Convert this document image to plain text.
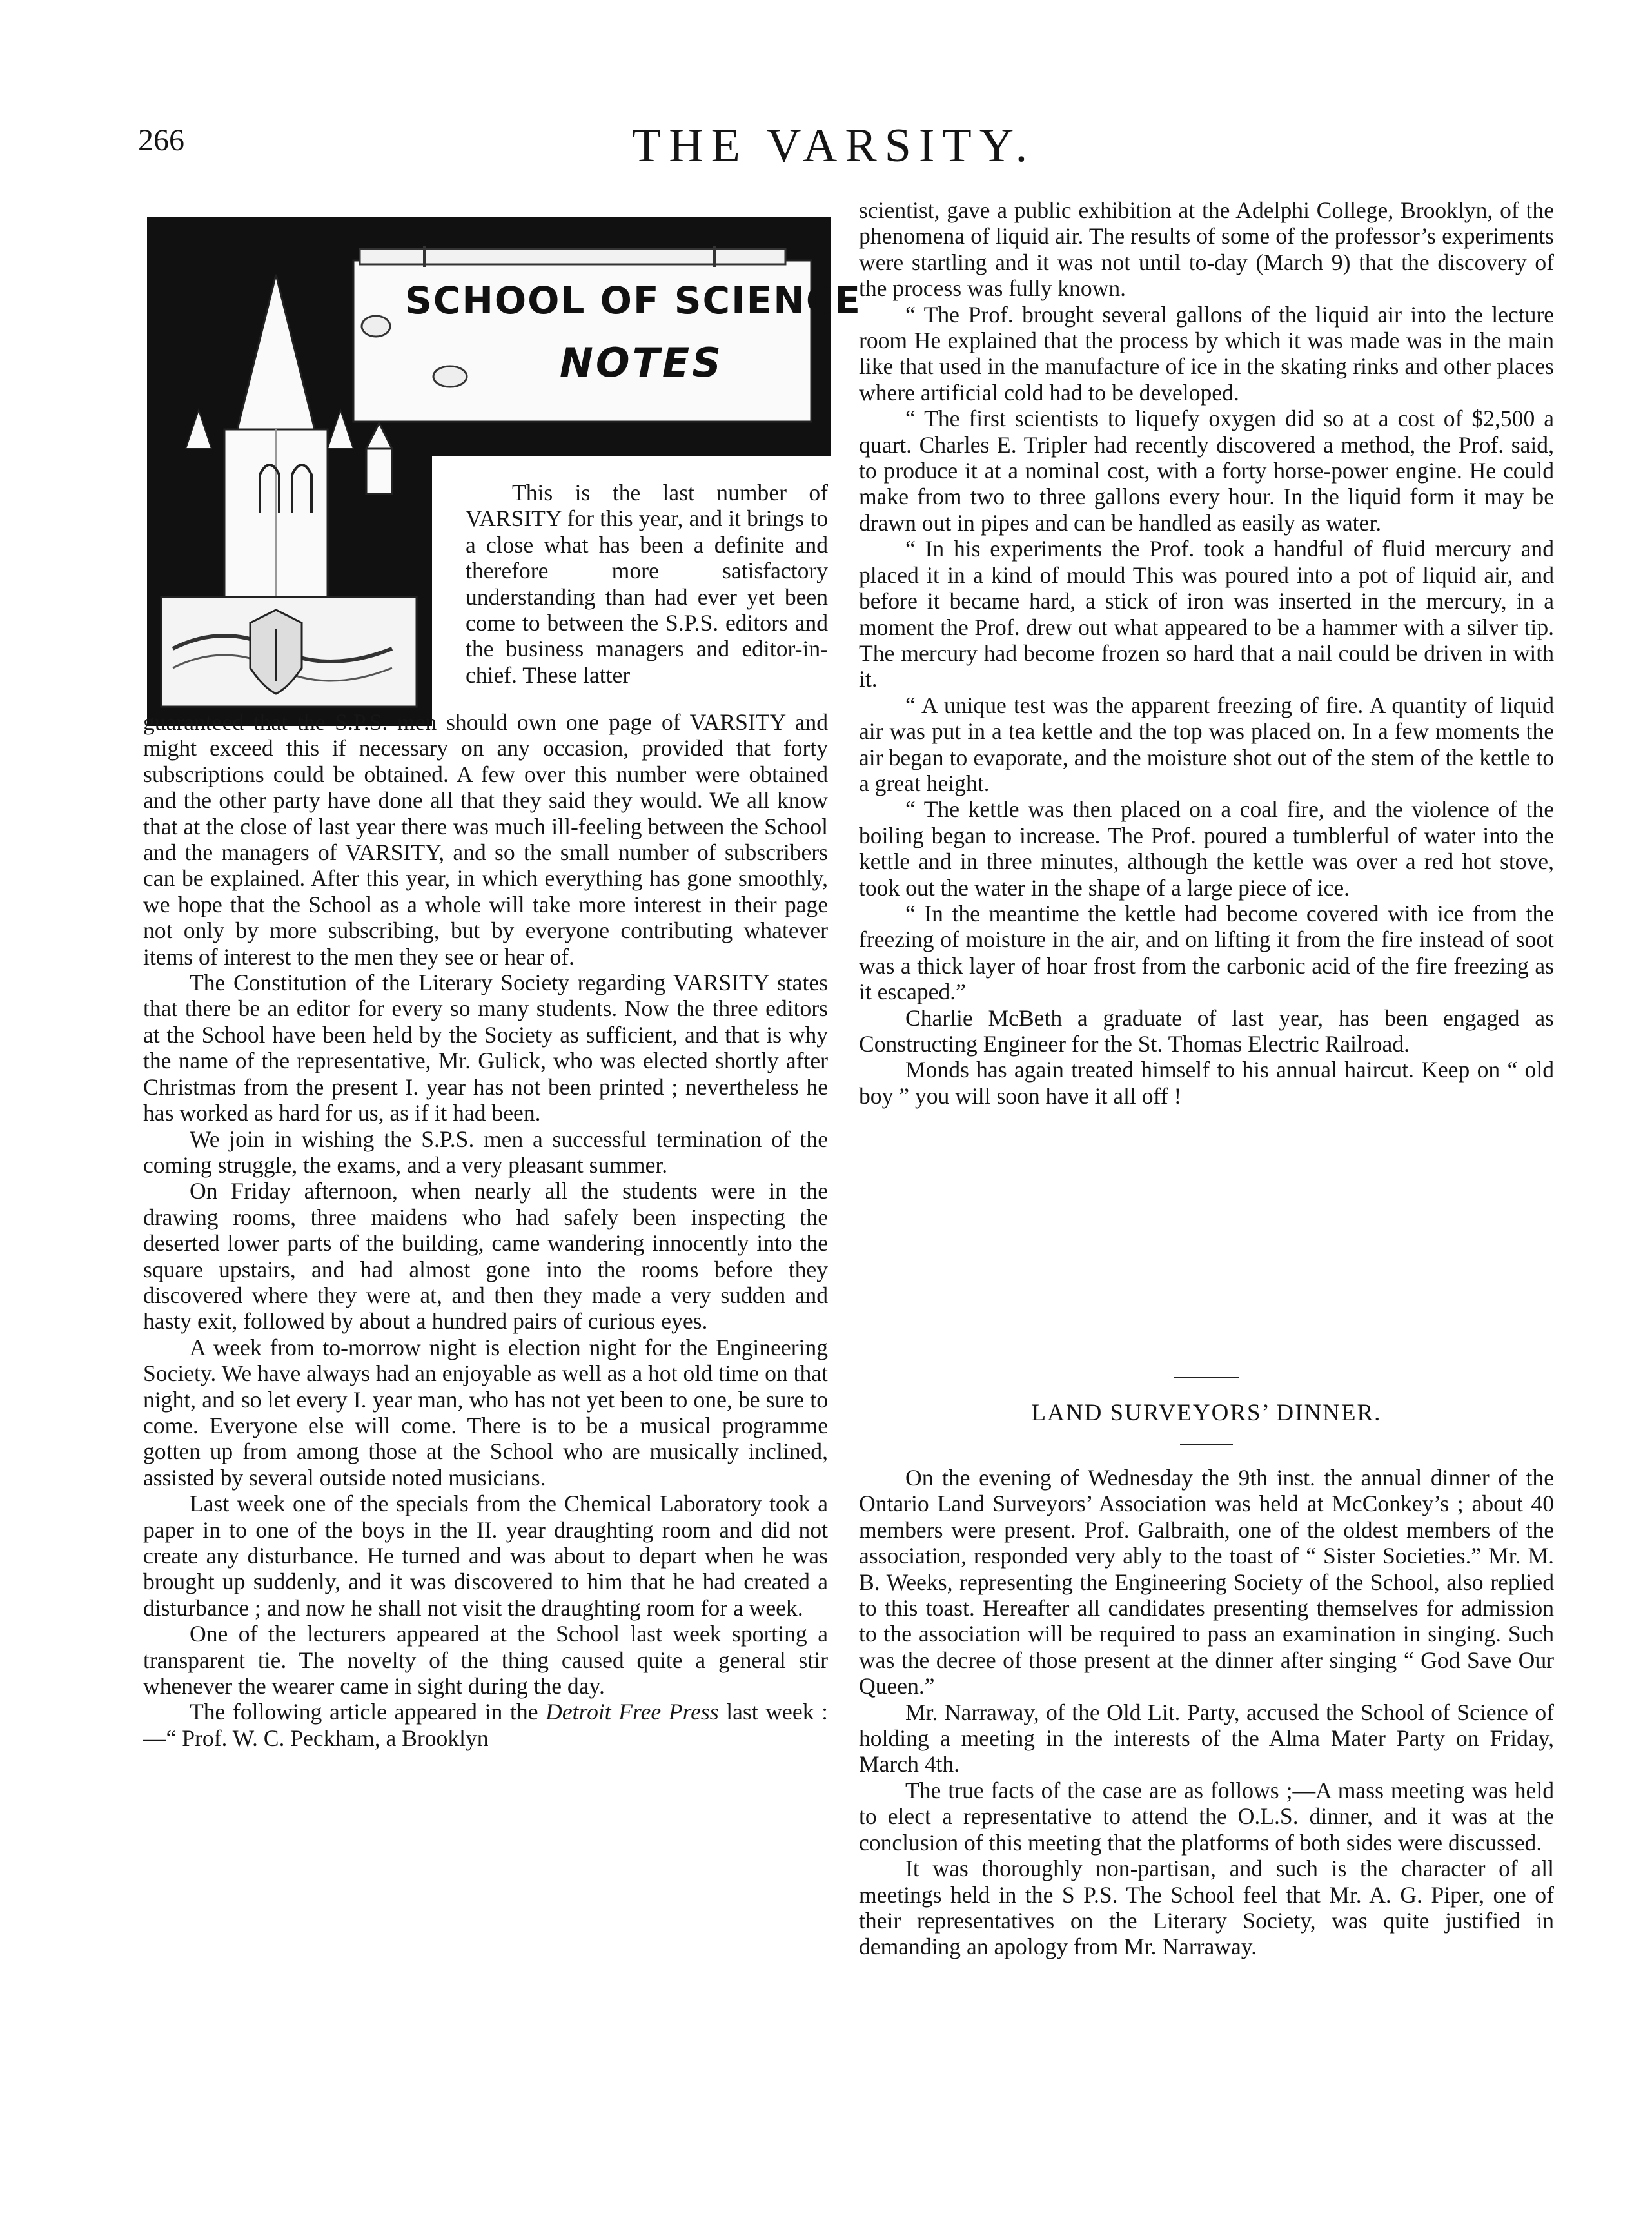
266	THE VARSITY.
SCHOOL OF SCIENCE
NOTES

This is the last number of VARSITY for this year, and it brings to a close what has been a definite and therefore more satisfactory understanding than had ever yet been come to between the S.P.S. editors and the business managers and editor-in-chief. These latter

guaranteed that the S.P.S. men should own one page of VARSITY and might exceed this if necessary on any occasion, provided that forty subscriptions could be obtained. A few over this number were obtained and the other party have done all that they said they would. We all know that at the close of last year there was much ill-feeling between the School and the managers of VARSITY, and so the small number of subscribers can be explained. After this year, in which everything has gone smoothly, we hope that the School as a whole will take more interest in their page not only by more subscribing, but by everyone contributing whatever items of interest to the men they see or hear of.

The Constitution of the Literary Society regarding VARSITY states that there be an editor for every so many students. Now the three editors at the School have been held by the Society as sufficient, and that is why the name of the representative, Mr. Gulick, who was elected shortly after Christmas from the present I. year has not been printed ; nevertheless he has worked as hard for us, as if it had been.

We join in wishing the S.P.S. men a successful termination of the coming struggle, the exams, and a very pleasant summer.

On Friday afternoon, when nearly all the students were in the drawing rooms, three maidens who had safely been inspecting the deserted lower parts of the building, came wandering innocently into the square upstairs, and had almost gone into the rooms before they discovered where they were at, and then they made a very sudden and hasty exit, followed by about a hundred pairs of curious eyes.

A week from to-morrow night is election night for the Engineering Society. We have always had an enjoyable as well as a hot old time on that night, and so let every I. year man, who has not yet been to one, be sure to come. Everyone else will come. There is to be a musical programme gotten up from among those at the School who are musically inclined, assisted by several outside noted musicians.

Last week one of the specials from the Chemical Laboratory took a paper in to one of the boys in the II. year draughting room and did not create any disturbance. He turned and was about to depart when he was brought up suddenly, and it was discovered to him that he had created a disturbance ; and now he shall not visit the draughting room for a week.

One of the lecturers appeared at the School last week sporting a transparent tie. The novelty of the thing caused quite a general stir whenever the wearer came in sight during the day.

The following article appeared in the Detroit Free Press last week :—“ Prof. W. C. Peckham, a Brooklyn

scientist, gave a public exhibition at the Adelphi College, Brooklyn, of the phenomena of liquid air. The results of some of the professor’s experiments were startling and it was not until to-day (March 9) that the discovery of the process was fully known.

“ The Prof. brought several gallons of the liquid air into the lecture room He explained that the process by which it was made was in the main like that used in the manufacture of ice in the skating rinks and other places where artificial cold had to be developed.

“ The first scientists to liquefy oxygen did so at a cost of $2,500 a quart. Charles E. Tripler had recently discovered a method, the Prof. said, to produce it at a nominal cost, with a forty horse-power engine. He could make from two to three gallons every hour. In the liquid form it may be drawn out in pipes and can be handled as easily as water.

“ In his experiments the Prof. took a handful of fluid mercury and placed it in a kind of mould This was poured into a pot of liquid air, and before it became hard, a stick of iron was inserted in the mercury, in a moment the Prof. drew out what appeared to be a hammer with a silver tip. The mercury had become frozen so hard that a nail could be driven in with it.

“ A unique test was the apparent freezing of fire. A quantity of liquid air was put in a tea kettle and the top was placed on. In a few moments the air began to evaporate, and the moisture shot out of the stem of the kettle to a great height.

“ The kettle was then placed on a coal fire, and the violence of the boiling began to increase. The Prof. poured a tumblerful of water into the kettle and in three minutes, although the kettle was over a red hot stove, took out the water in the shape of a large piece of ice.

“ In the meantime the kettle had become covered with ice from the freezing of moisture in the air, and on lifting it from the fire instead of soot was a thick layer of hoar frost from the carbonic acid of the fire freezing as it escaped.”

Charlie McBeth a graduate of last year, has been engaged as Constructing Engineer for the St. Thomas Electric Railroad.

Monds has again treated himself to his annual haircut. Keep on “ old boy ” you will soon have it all off !

LAND SURVEYORS’ DINNER.

On the evening of Wednesday the 9th inst. the annual dinner of the Ontario Land Surveyors’ Association was held at McConkey’s ; about 40 members were present. Prof. Galbraith, one of the oldest members of the association, responded very ably to the toast of “ Sister Societies.” Mr. M. B. Weeks, representing the Engineering Society of the School, also replied to this toast. Hereafter all candidates presenting themselves for admission to the association will be required to pass an examination in singing. Such was the decree of those present at the dinner after singing “ God Save Our Queen.”

Mr. Narraway, of the Old Lit. Party, accused the School of Science of holding a meeting in the interests of the Alma Mater Party on Friday, March 4th.

The true facts of the case are as follows ;—A mass meeting was held to elect a representative to attend the O.L.S. dinner, and it was at the conclusion of this meeting that the platforms of both sides were discussed.

It was thoroughly non-partisan, and such is the character of all meetings held in the S P.S. The School feel that Mr. A. G. Piper, one of their representatives on the Literary Society, was quite justified in demanding an apology from Mr. Narraway.
